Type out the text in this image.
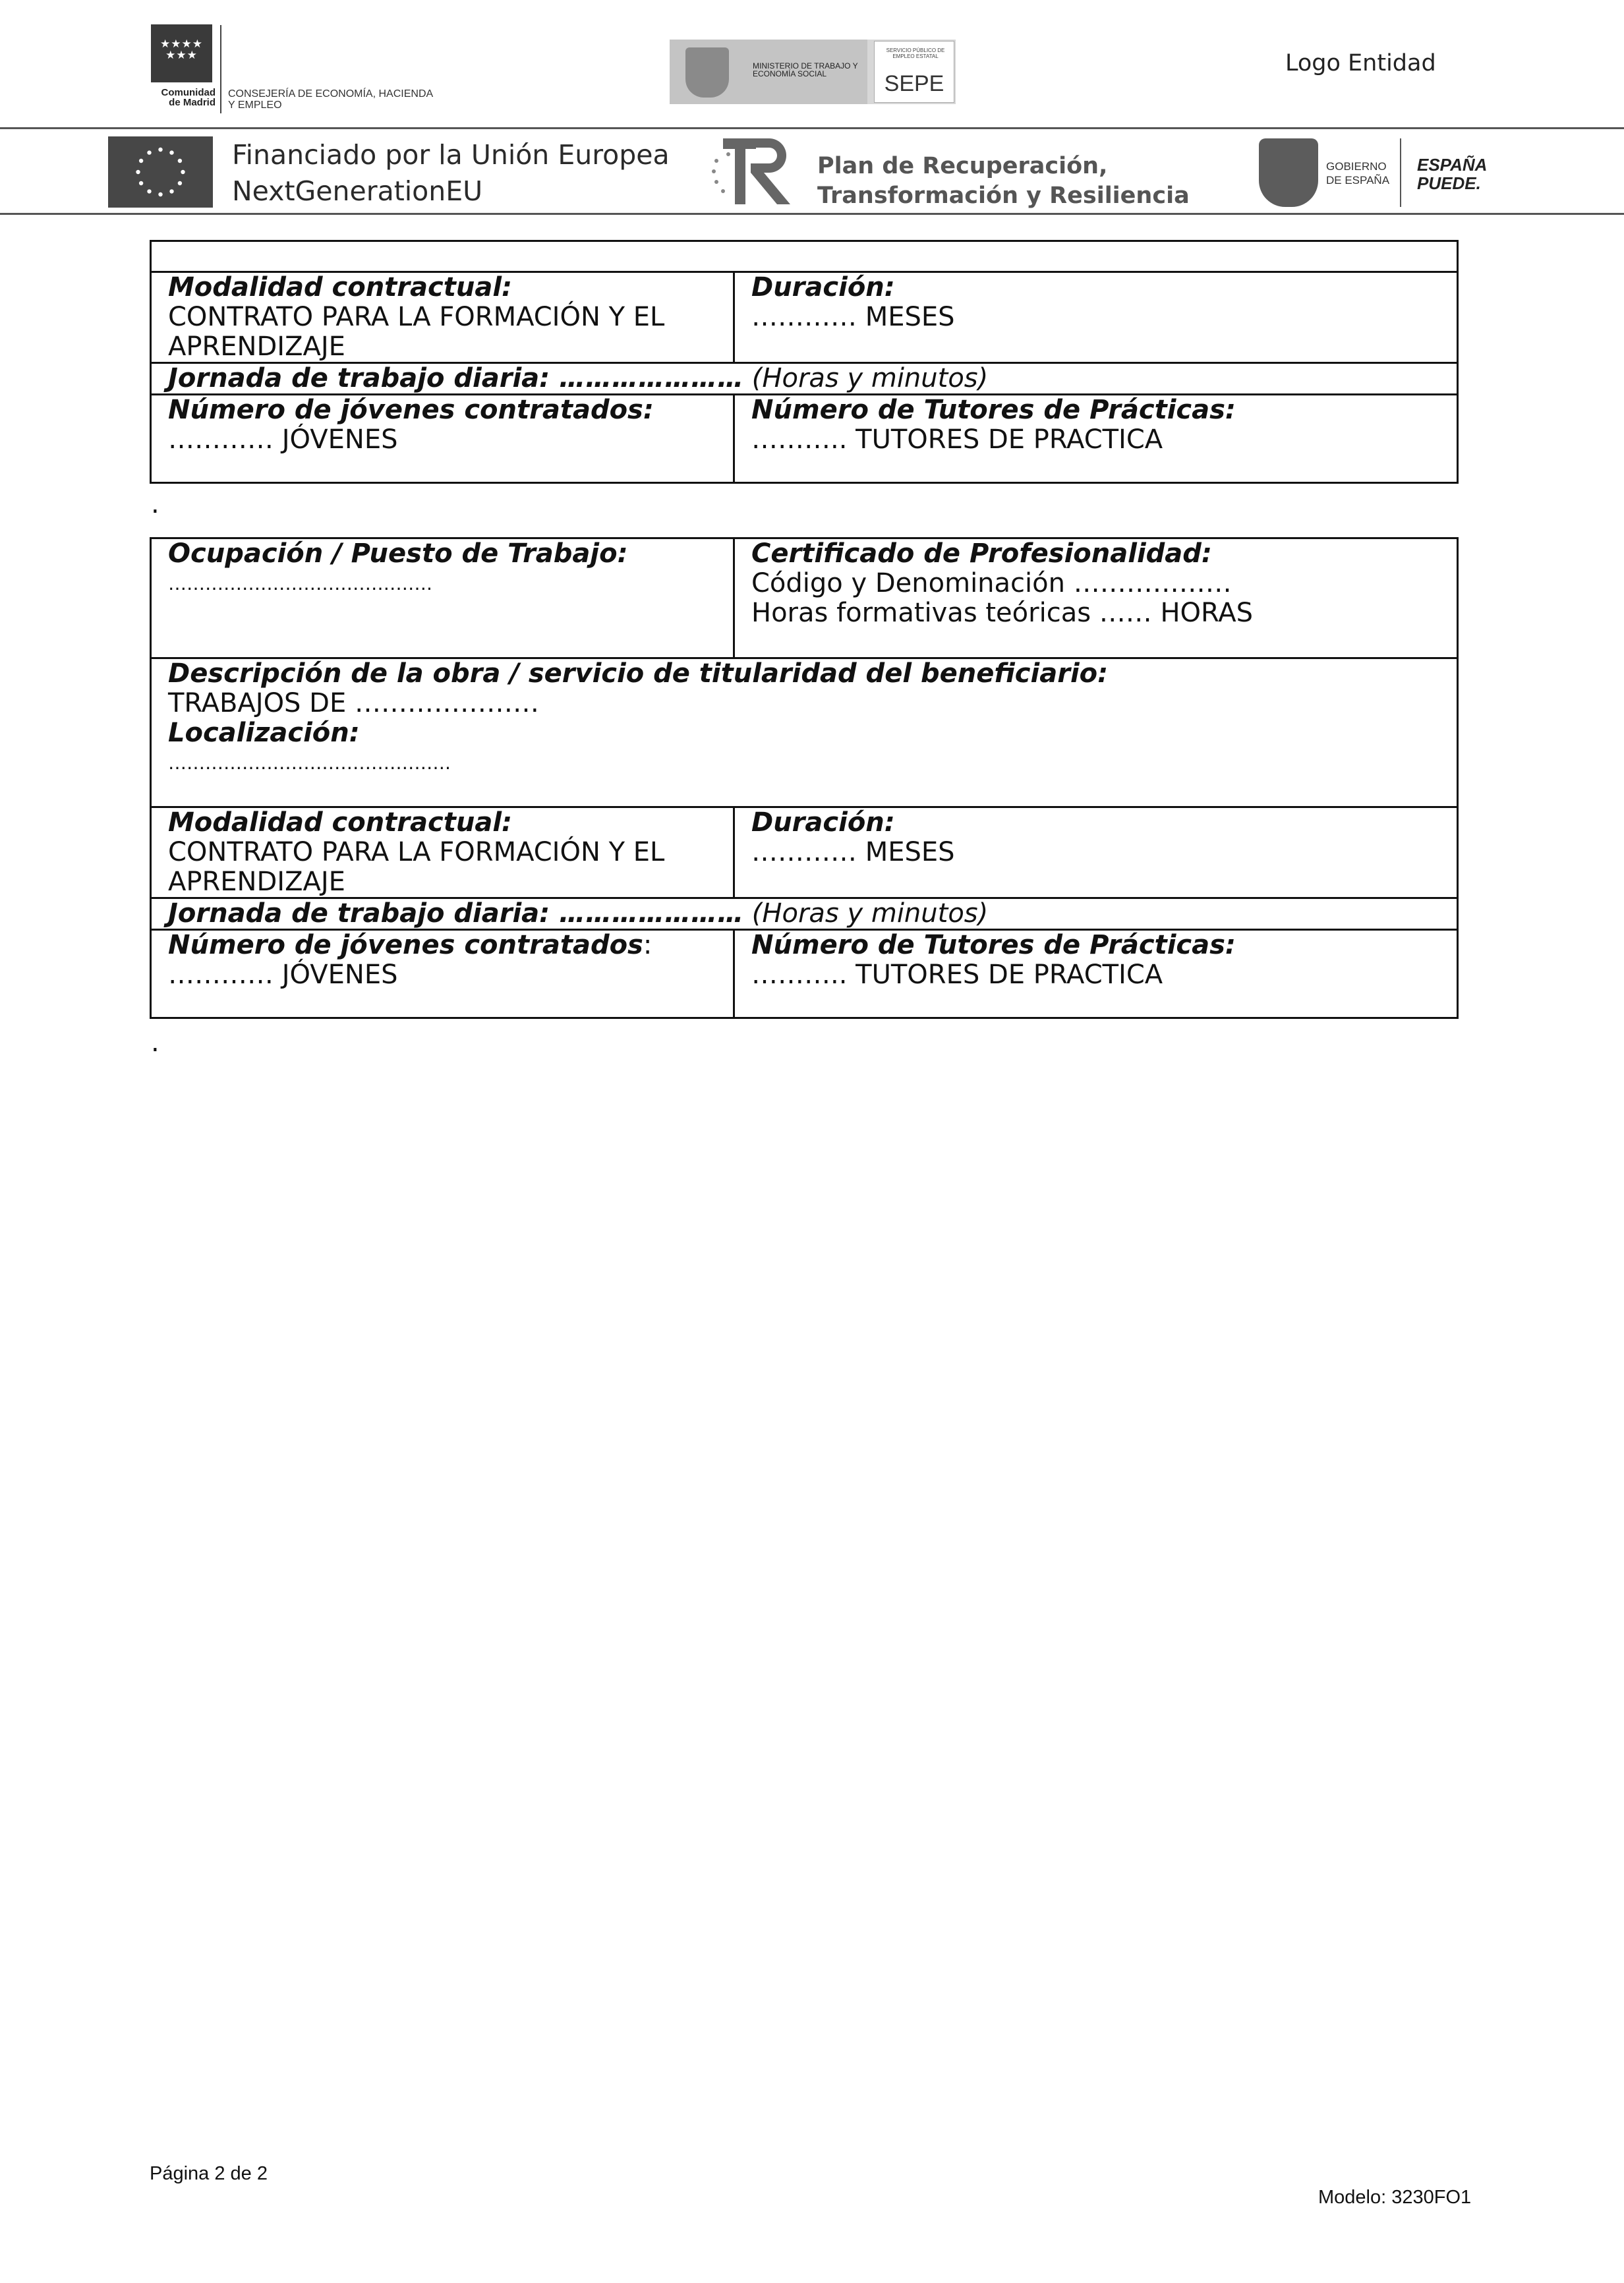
★★★★
★★★
Comunidad de Madrid
CONSEJERÍA DE ECONOMÍA, HACIENDA Y EMPLEO
MINISTERIO DE TRABAJO Y ECONOMÍA SOCIAL
SERVICIO PÚBLICO DE EMPLEO ESTATAL
SEPE
Logo Entidad
Financiado por la Unión Europea
NextGenerationEU
Plan de Recuperación,
Transformación y Resiliencia
GOBIERNO
DE ESPAÑA
ESPAÑA
PUEDE.

Modalidad contractual:
CONTRATO PARA LA FORMACIÓN Y EL APRENDIZAJE	Duración:
………… MESES

Jornada de trabajo diaria: ………………… (Horas y minutos)	

Número de jóvenes contratados:
………… JÓVENES	Número de Tutores de Prácticas:
……….. TUTORES DE PRACTICA
.
Ocupación / Puesto de Trabajo:
…………………………………….	Certificado de Profesionalidad:
Código y Denominación ………………
Horas formativas teóricas …… HORAS

Descripción de la obra / servicio de titularidad del beneficiario:
TRABAJOS DE …………………
Localización:
……………………………………….	

Modalidad contractual:
CONTRATO PARA LA FORMACIÓN Y EL APRENDIZAJE	Duración:
………… MESES

Jornada de trabajo diaria: ………………… (Horas y minutos)	

Número de jóvenes contratados:
………… JÓVENES	Número de Tutores de Prácticas:
……….. TUTORES DE PRACTICA
.
Página 2 de 2
Modelo: 3230FO1
